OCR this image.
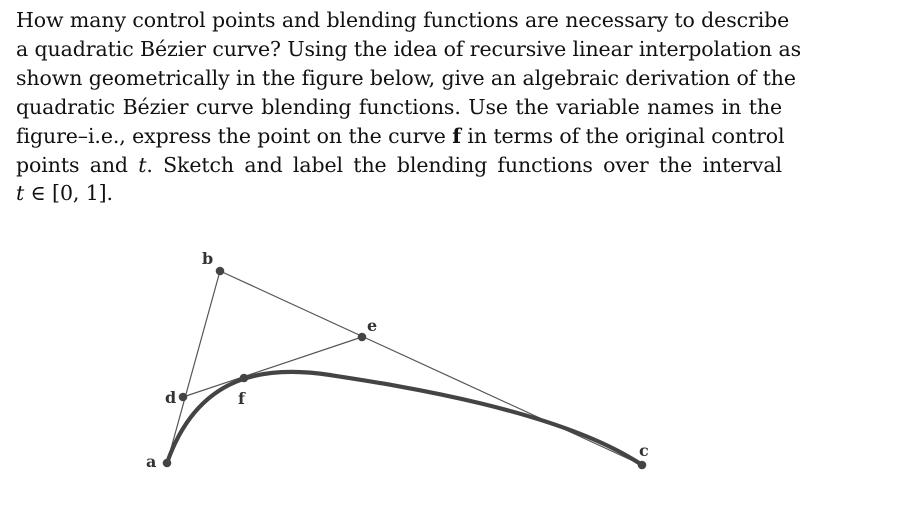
How many control points and blending functions are necessary to describe
a quadratic Bézier curve? Using the idea of recursive linear interpolation as
shown geometrically in the figure below, give an algebraic derivation of the
quadratic Bézier curve blending functions. Use the variable names in the
figure–i.e., express the point on the curve f in terms of the original control
points and t. Sketch and label the blending functions over the interval
t ∈ [0, 1].
a
b
c
d
e
f
